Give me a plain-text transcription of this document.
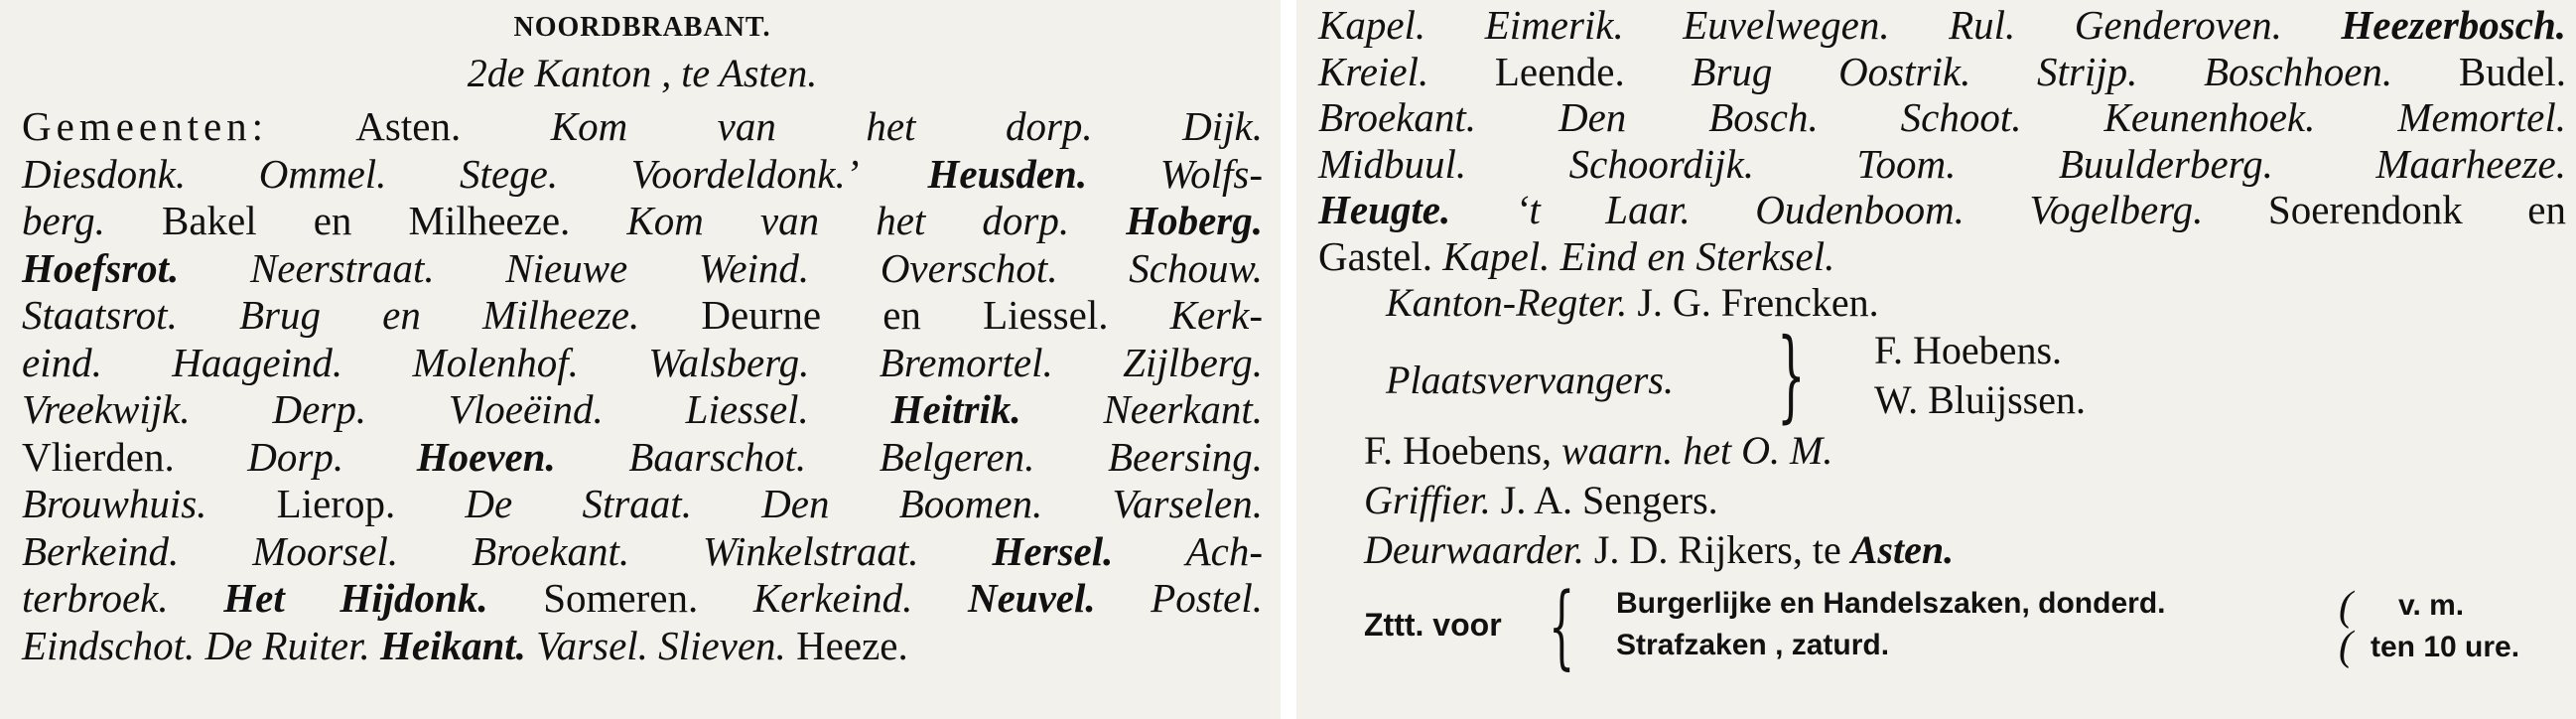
NOORDBRABANT.
2de Kanton , te Asten.
Gemeenten: Asten. Kom van het dorp. Dijk.
Diesdonk. Ommel. Stege. Voordeldonk.’ Heusden. Wolfs-
berg. Bakel en Milheeze. Kom van het dorp. Hoberg.
Hoefsrot. Neerstraat. Nieuwe Weind. Overschot. Schouw.
Staatsrot. Brug en Milheeze. Deurne en Liessel. Kerk-
eind. Haageind. Molenhof. Walsberg. Bremortel. Zijlberg.
Vreekwijk. Derp. Vloeëind. Liessel. Heitrik. Neerkant.
Vlierden. Dorp. Hoeven. Baarschot. Belgeren. Beersing.
Brouwhuis. Lierop. De Straat. Den Boomen. Varselen.
Berkeind. Moorsel. Broekant. Winkelstraat. Hersel. Ach-
terbroek. Het Hijdonk. Someren. Kerkeind. Neuvel. Postel.
Eindschot. De Ruiter. Heikant. Varsel. Slieven. Heeze.
Kapel. Eimerik. Euvelwegen. Rul. Genderoven. Heezerbosch.
Kreiel. Leende. Brug Oostrik. Strijp. Boschhoen. Budel.
Broekant. Den Bosch. Schoot. Keunenhoek. Memortel.
Midbuul. Schoordijk. Toom. Buulderberg. Maarheeze.
Heugte. ‘t Laar. Oudenboom. Vogelberg. Soerendonk en
Gastel. Kapel. Eind en Sterksel.
Kanton-Regter. J. G. Frencken.
Plaatsvervangers. } F. Hoebens.
W. Bluijssen.
F. Hoebens, waarn. het O. M.
Griffier. J. A. Sengers.
Deurwaarder. J. D. Rijkers, te Asten.
Zttt. voor { Burgerlijke en Handelszaken, donderd.
Strafzaken , zaturd.
(
(
v. m.
ten 10 ure.
